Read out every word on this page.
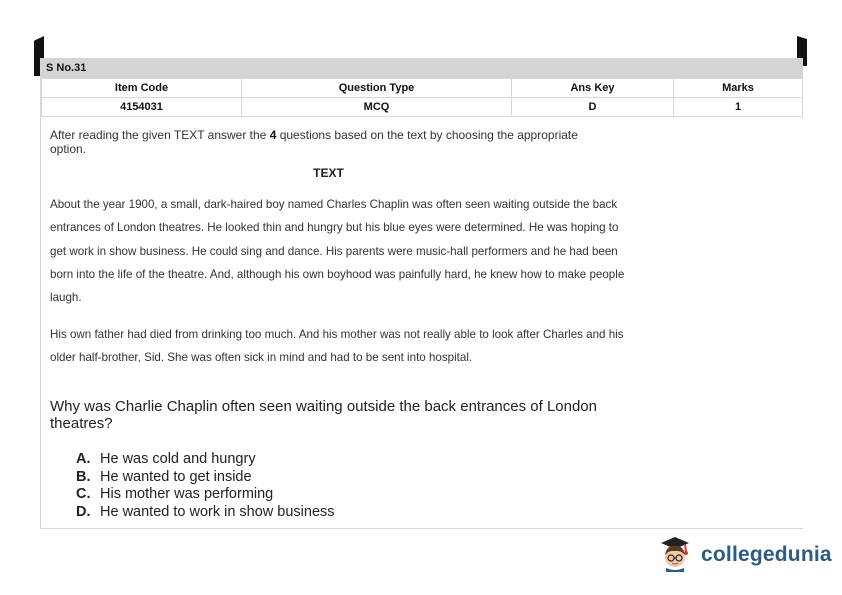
S No.31
Item Code	Question Type	Ans Key	Marks
4154031	MCQ	D	1
After reading the given TEXT answer the 4 questions based on the text by choosing the appropriate option.
TEXT
About the year 1900, a small, dark-haired boy named Charles Chaplin was often seen waiting outside the back entrances of London theatres. He looked thin and hungry but his blue eyes were determined. He was hoping to get work in show business. He could sing and dance. His parents were music-hall performers and he had been born into the life of the theatre. And, although his own boyhood was painfully hard, he knew how to make people laugh.
His own father had died from drinking too much. And his mother was not really able to look after Charles and his older half-brother, Sid. She was often sick in mind and had to be sent into hospital.
Why was Charlie Chaplin often seen waiting outside the back entrances of London theatres?
A. He was cold and hungry
B. He wanted to get inside
C. His mother was performing
D. He wanted to work in show business
collegedunia
